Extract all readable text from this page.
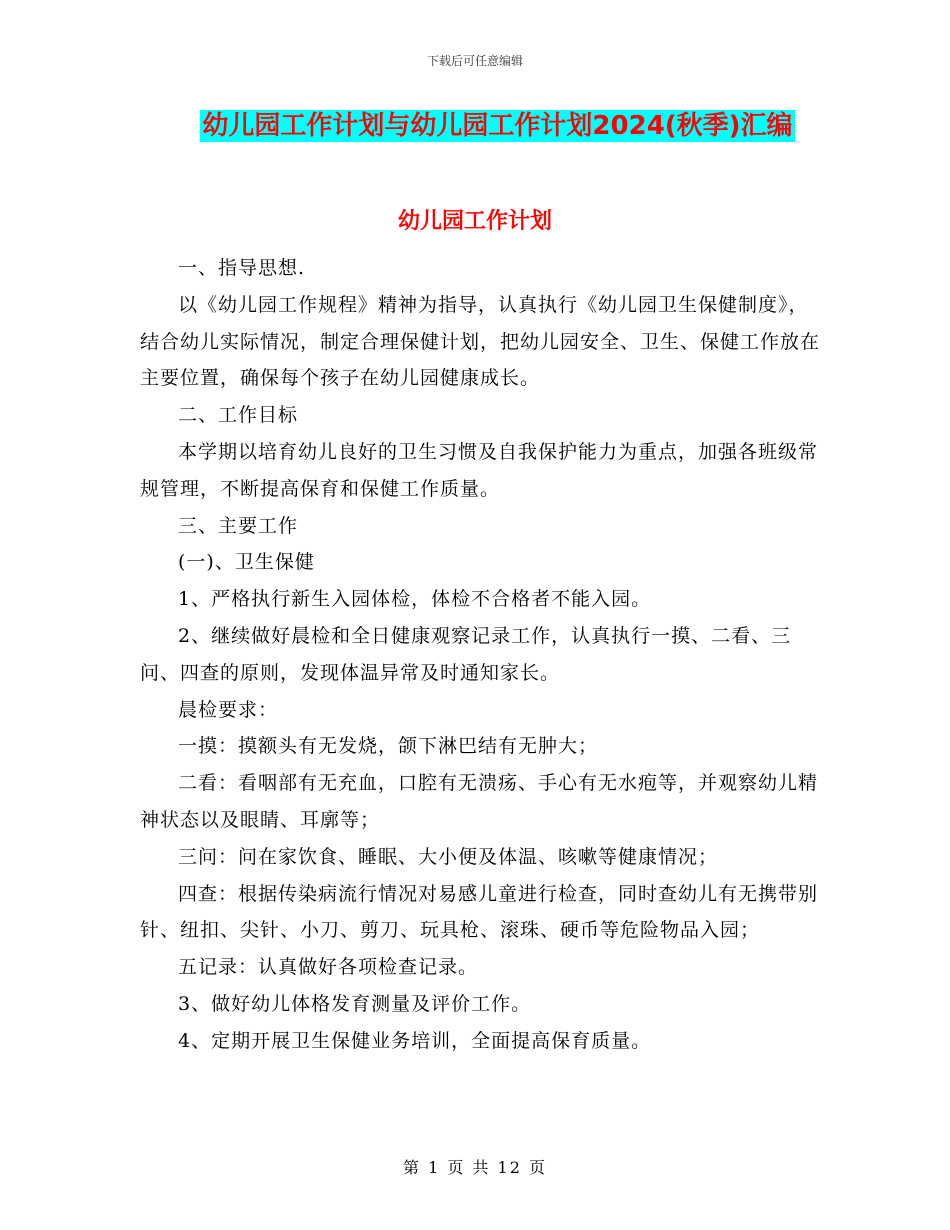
下载后可任意编辑
幼儿园工作计划与幼儿园工作计划2024(秋季)汇编
幼儿园工作计划

一、指导思想.

以《幼儿园工作规程》精神为指导，认真执行《幼儿园卫生保健制度》，结合幼儿实际情况，制定合理保健计划，把幼儿园安全、卫生、保健工作放在主要位置，确保每个孩子在幼儿园健康成长。

二、工作目标

本学期以培育幼儿良好的卫生习惯及自我保护能力为重点，加强各班级常规管理，不断提高保育和保健工作质量。

三、主要工作

(一)、卫生保健

1、严格执行新生入园体检，体检不合格者不能入园。

2、继续做好晨检和全日健康观察记录工作，认真执行一摸、二看、三问、四查的原则，发现体温异常及时通知家长。

晨检要求：

一摸：摸额头有无发烧，颌下淋巴结有无肿大；

二看：看咽部有无充血，口腔有无溃疡、手心有无水疱等，并观察幼儿精神状态以及眼睛、耳廓等；

三问：问在家饮食、睡眠、大小便及体温、咳嗽等健康情况；

四查：根据传染病流行情况对易感儿童进行检查，同时查幼儿有无携带别针、纽扣、尖针、小刀、剪刀、玩具枪、滚珠、硬币等危险物品入园；

五记录：认真做好各项检查记录。

3、做好幼儿体格发育测量及评价工作。

4、定期开展卫生保健业务培训，全面提高保育质量。

第 1 页 共 12 页
